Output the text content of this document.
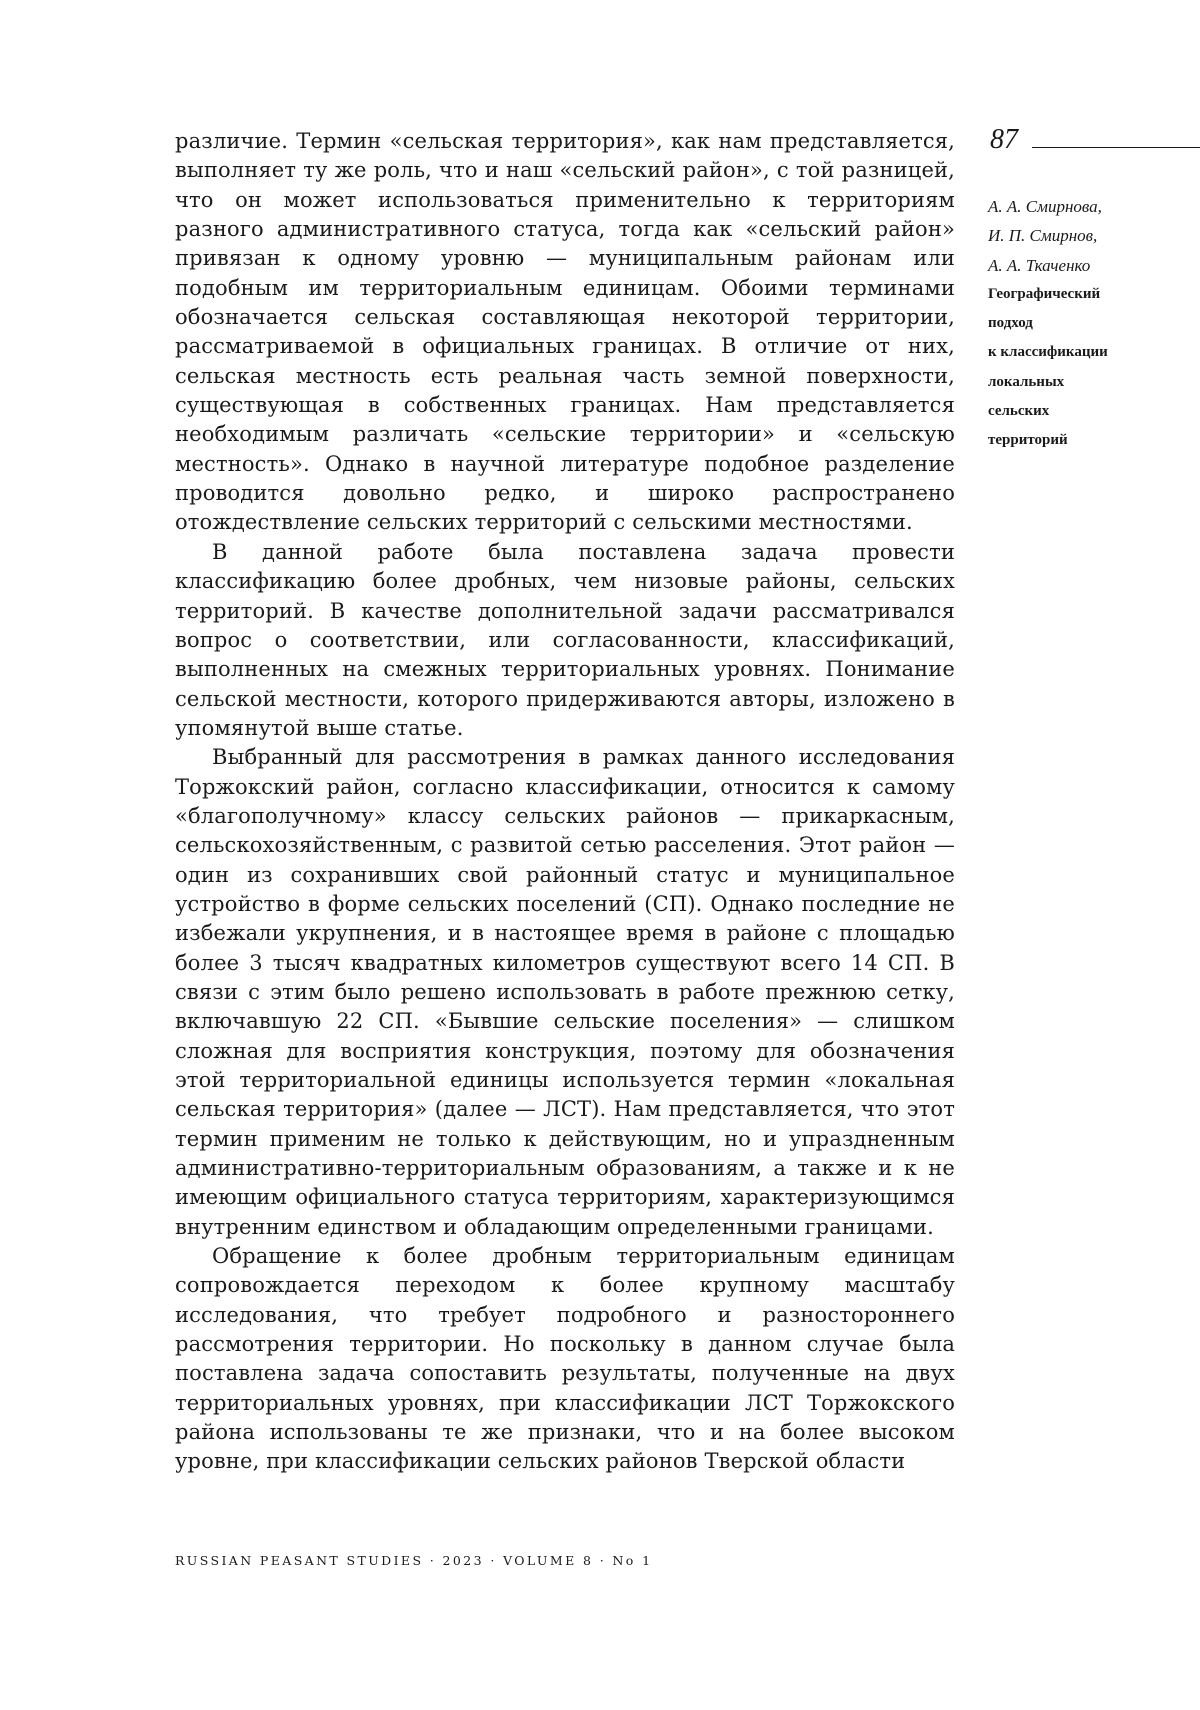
различие. Термин «сельская территория», как нам представляется, выполняет ту же роль, что и наш «сельский район», с той разницей, что он может использоваться применительно к территориям разного административного статуса, тогда как «сельский район» привязан к одному уровню — муниципальным районам или подобным им территориальным единицам. Обоими терминами обозначается сельская составляющая некоторой территории, рассматриваемой в официальных границах. В отличие от них, сельская местность есть реальная часть земной поверхности, существующая в собственных границах. Нам представляется необходимым различать «сельские территории» и «сельскую местность». Однако в научной литературе подобное разделение проводится довольно редко, и широко распространено отождествление сельских территорий с сельскими местностями.

В данной работе была поставлена задача провести классификацию более дробных, чем низовые районы, сельских территорий. В качестве дополнительной задачи рассматривался вопрос о соответствии, или согласованности, классификаций, выполненных на смежных территориальных уровнях. Понимание сельской местности, которого придерживаются авторы, изложено в упомянутой выше статье.

Выбранный для рассмотрения в рамках данного исследования Торжокский район, согласно классификации, относится к самому «благополучному» классу сельских районов — прикаркасным, сельскохозяйственным, с развитой сетью расселения. Этот район — один из сохранивших свой районный статус и муниципальное устройство в форме сельских поселений (СП). Однако последние не избежали укрупнения, и в настоящее время в районе с площадью более 3 тысяч квадратных километров существуют всего 14 СП. В связи с этим было решено использовать в работе прежнюю сетку, включавшую 22 СП. «Бывшие сельские поселения» — слишком сложная для восприятия конструкция, поэтому для обозначения этой территориальной единицы используется термин «локальная сельская территория» (далее — ЛСТ). Нам представляется, что этот термин применим не только к действующим, но и упраздненным административно-территориальным образованиям, а также и к не имеющим официального статуса территориям, характеризующимся внутренним единством и обладающим определенными границами.

Обращение к более дробным территориальным единицам сопровождается переходом к более крупному масштабу исследования, что требует подробного и разностороннего рассмотрения территории. Но поскольку в данном случае была поставлена задача сопоставить результаты, полученные на двух территориальных уровнях, при классификации ЛСТ Торжокского района использованы те же признаки, что и на более высоком уровне, при классификации сельских районов Тверской области

87
А. А. Смирнова,
И. П. Смирнов,
А. А. Ткаченко
Географический
подход
к классификации
локальных
сельских
территорий
RUSSIAN PEASANT STUDIES · 2023 · VOLUME 8 · No 1
